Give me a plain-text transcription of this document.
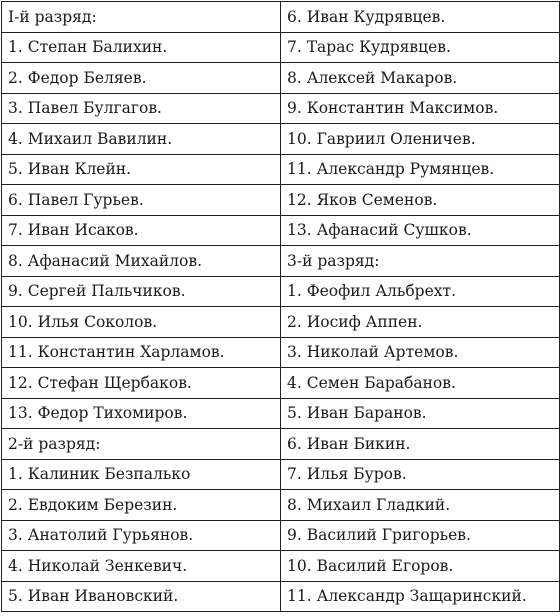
I-й разряд:	6. Иван Кудрявцев.
1. Степан Балихин.	7. Тарас Кудрявцев.
2. Федор Беляев.	8. Алексей Макаров.
3. Павел Булгагов.	9. Константин Максимов.
4. Михаил Вавилин.	10. Гавриил Оленичев.
5. Иван Клейн.	11. Александр Румянцев.
6. Павел Гурьев.	12. Яков Семенов.
7. Иван Исаков.	13. Афанасий Сушков.
8. Афанасий Михайлов.	3-й разряд:
9. Сергей Пальчиков.	1. Феофил Альбрехт.
10. Илья Соколов.	2. Иосиф Аппен.
11. Константин Харламов.	3. Николай Артемов.
12. Стефан Щербаков.	4. Семен Барабанов.
13. Федор Тихомиров.	5. Иван Баранов.
2-й разряд:	6. Иван Бикин.
1. Калиник Безпалько	7. Илья Буров.
2. Евдоким Березин.	8. Михаил Гладкий.
3. Анатолий Гурьянов.	9. Василий Григорьев.
4. Николай Зенкевич.	10. Василий Егоров.
5. Иван Ивановский.	11. Александр Защаринский.
